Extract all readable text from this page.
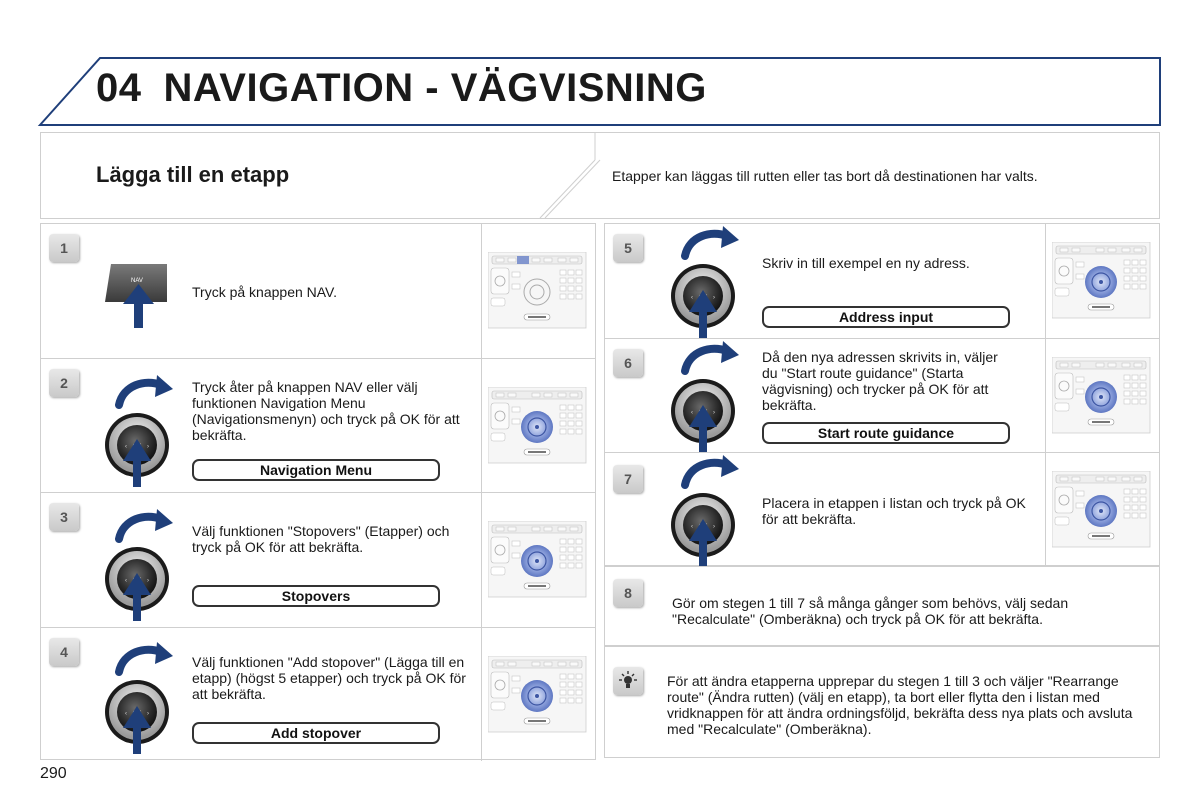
04 NAVIGATION - VÄGVISNING
Lägga till en etapp	Etapper kan läggas till rutten eller tas bort då destinationen har valts.
1
NAV
Tryck på knappen NAV.
2	Tryck åter på knappen NAV eller välj funktionen Navigation Menu (Navigationsmenyn) och tryck på OK för att bekräfta.
Navigation Menu
3
Välj funktionen "Stopovers" (Etapper) och tryck på OK för att bekräfta.
Stopovers
4
Välj funktionen "Add stopover" (Lägga till en etapp) (högst 5 etapper) och tryck på OK för att bekräfta.
Add stopover
5
Skriv in till exempel en ny adress.
Address input
6	Då den nya adressen skrivits in, väljer du "Start route guidance" (Starta vägvisning) och trycker på OK för att bekräfta.
Start route guidance
7
Placera in etappen i listan och tryck på OK för att bekräfta.
8
Gör om stegen 1 till 7 så många gånger som behövs, välj sedan "Recalculate" (Omberäkna) och tryck på OK för att bekräfta.
För att ändra etapperna upprepar du stegen 1 till 3 och väljer "Rearrange route" (Ändra rutten) (välj en etapp), ta bort eller flytta den i listan med vridknappen för att ändra ordningsföljd, bekräfta dess nya plats och avsluta med "Recalculate" (Omberäkna).
290
